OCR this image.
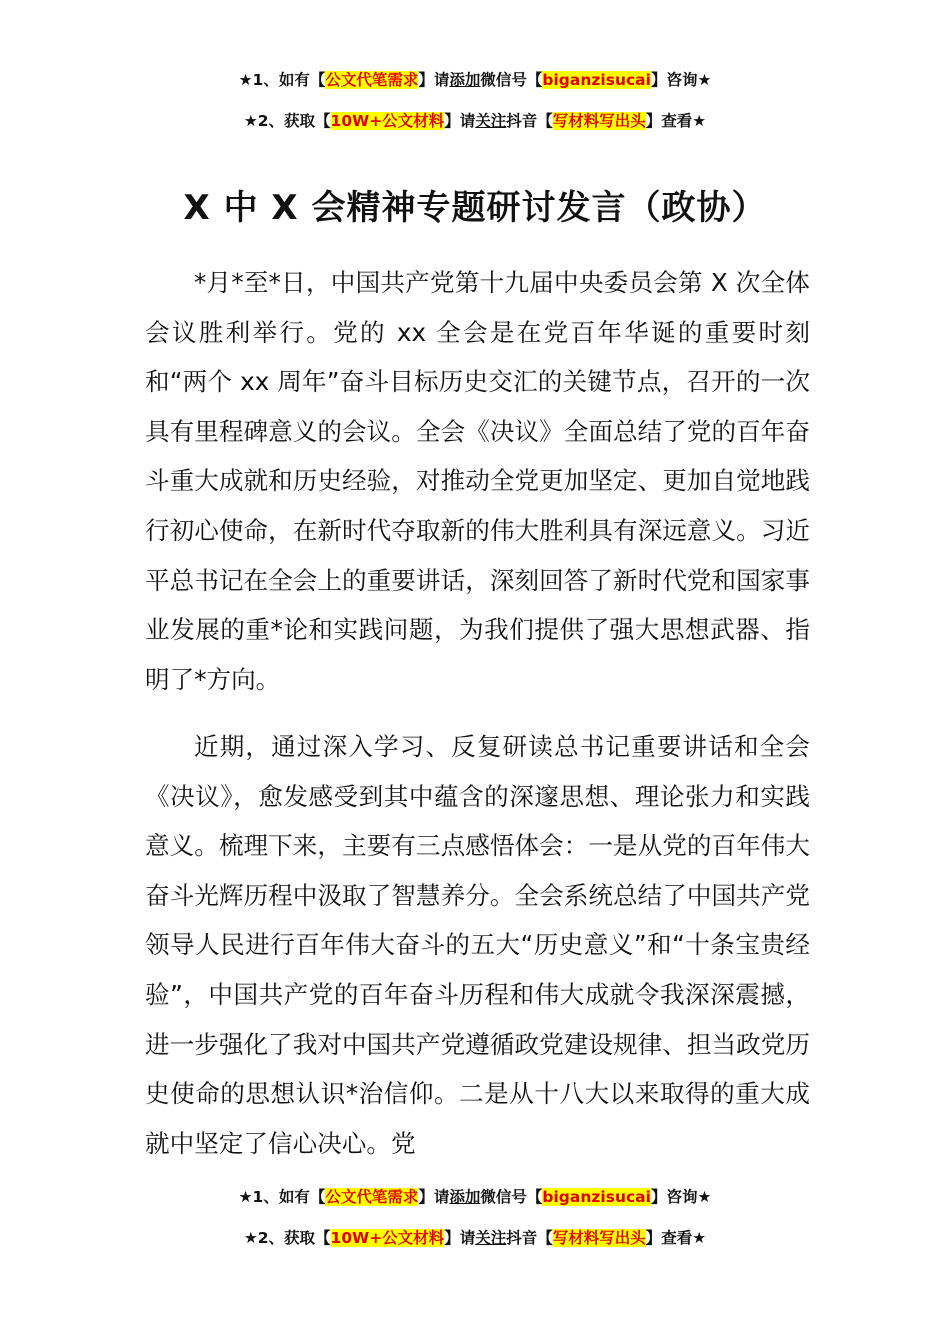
★1、如有【公文代笔需求】请添加微信号【biganzisucai】咨询★
★2、获取【10W+公文材料】请关注抖音【写材料写出头】查看★
X 中 X 会精神专题研讨发言（政协）

*月*至*日，中国共产党第十九届中央委员会第 X 次全体会议胜利举行。党的 xx 全会是在党百年华诞的重要时刻和“两个 xx 周年”奋斗目标历史交汇的关键节点，召开的一次具有里程碑意义的会议。全会《决议》全面总结了党的百年奋斗重大成就和历史经验，对推动全党更加坚定、更加自觉地践行初心使命，在新时代夺取新的伟大胜利具有深远意义。习近平总书记在全会上的重要讲话，深刻回答了新时代党和国家事业发展的重*论和实践问题，为我们提供了强大思想武器、指明了*方向。

近期，通过深入学习、反复研读总书记重要讲话和全会《决议》，愈发感受到其中蕴含的深邃思想、理论张力和实践意义。梳理下来，主要有三点感悟体会：一是从党的百年伟大奋斗光辉历程中汲取了智慧养分。全会系统总结了中国共产党领导人民进行百年伟大奋斗的五大“历史意义”和“十条宝贵经验”，中国共产党的百年奋斗历程和伟大成就令我深深震撼，进一步强化了我对中国共产党遵循政党建设规律、担当政党历史使命的思想认识*治信仰。二是从十八大以来取得的重大成就中坚定了信心决心。党

★1、如有【公文代笔需求】请添加微信号【biganzisucai】咨询★
★2、获取【10W+公文材料】请关注抖音【写材料写出头】查看★
